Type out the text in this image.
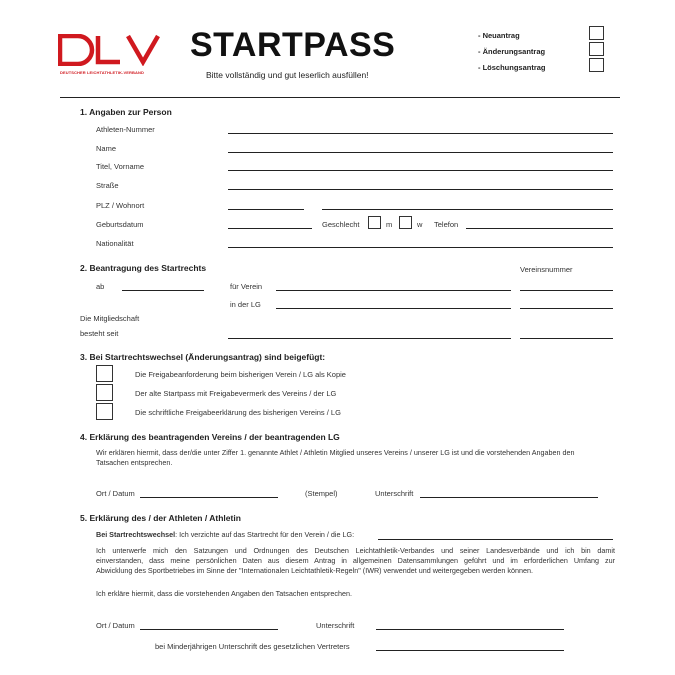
DEUTSCHER LEICHTATHLETIK-VERBAND
STARTPASS
Bitte vollständig und gut leserlich ausfüllen!
- Neuantrag
- Änderungsantrag
- Löschungsantrag
1. Angaben zur Person
Athleten-Nummer
Name
Titel, Vorname
Straße
PLZ / Wohnort
Geburtsdatum	Geschlecht	m	w Telefon
Nationalität
2. Beantragung des Startrechts	Vereinsnummer
ab	für Verein
in der LG
Die Mitgliedschaft
besteht seit
3. Bei Startrechtswechsel (Änderungsantrag) sind beigefügt:
Die Freigabeanforderung beim bisherigen Verein / LG als Kopie
Der alte Startpass mit Freigabevermerk des Vereins / der LG
Die schriftliche Freigabeerklärung des bisherigen Vereins / LG
4. Erklärung des beantragenden Vereins / der beantragenden LG
Wir erklären hiermit, dass der/die unter Ziffer 1. genannte Athlet / Athletin Mitglied unseres Vereins / unserer LG ist und die vorstehenden Angaben den
Tatsachen entsprechen.
Ort / Datum	(Stempel)	Unterschrift
5. Erklärung des / der Athleten / Athletin
Bei Startrechtswechsel: Ich verzichte auf das Startrecht für den Verein / die LG:
Ich unterwerfe mich den Satzungen und Ordnungen des Deutschen Leichtathletik-Verbandes und seiner Landesverbände und ich bin damit
einverstanden, dass meine persönlichen Daten aus diesem Antrag in allgemeinen Datensammlungen geführt und im erforderlichen Umfang zur
Abwicklung des Sportbetriebes im Sinne der "Internationalen Leichtathletik-Regeln" (IWR) verwendet und weitergegeben werden können.
Ich erkläre hiermit, dass die vorstehenden Angaben den Tatsachen entsprechen.
Ort / Datum	Unterschrift
bei Minderjährigen Unterschrift des gesetzlichen Vertreters
